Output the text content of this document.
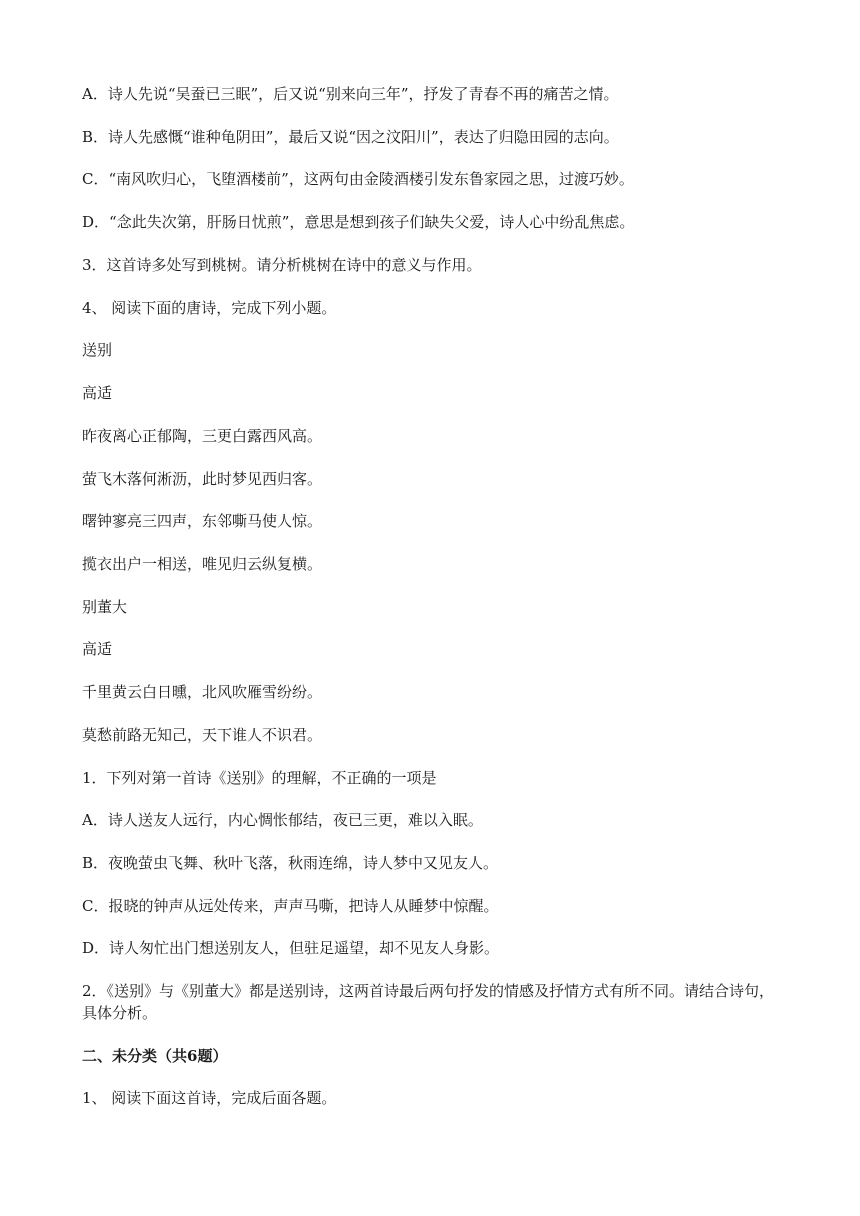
A．诗人先说“吴蚕已三眠”，后又说“别来向三年”，抒发了青春不再的痛苦之情。
B．诗人先感慨“谁种龟阴田”，最后又说“因之汶阳川”，表达了归隐田园的志向。
C．“南风吹归心，飞堕酒楼前”，这两句由金陵酒楼引发东鲁家园之思，过渡巧妙。
D．“念此失次第，肝肠日忧煎”，意思是想到孩子们缺失父爱，诗人心中纷乱焦虑。
3．这首诗多处写到桃树。请分析桃树在诗中的意义与作用。
4、 阅读下面的唐诗，完成下列小题。
送别
高适
昨夜离心正郁陶，三更白露西风高。
萤飞木落何淅沥，此时梦见西归客。
曙钟寥亮三四声，东邻嘶马使人惊。
揽衣出户一相送，唯见归云纵复横。
别董大
高适
千里黄云白日曛，北风吹雁雪纷纷。
莫愁前路无知己，天下谁人不识君。
1．下列对第一首诗《送别》的理解，不正确的一项是
A．诗人送友人远行，内心惆怅郁结，夜已三更，难以入眠。
B．夜晚萤虫飞舞、秋叶飞落，秋雨连绵，诗人梦中又见友人。
C．报晓的钟声从远处传来，声声马嘶，把诗人从睡梦中惊醒。
D．诗人匆忙出门想送别友人，但驻足遥望，却不见友人身影。
2．《送别》与《别董大》都是送别诗，这两首诗最后两句抒发的情感及抒情方式有所不同。请结合诗句，具体分析。
二、未分类（共6题）
1、 阅读下面这首诗，完成后面各题。
